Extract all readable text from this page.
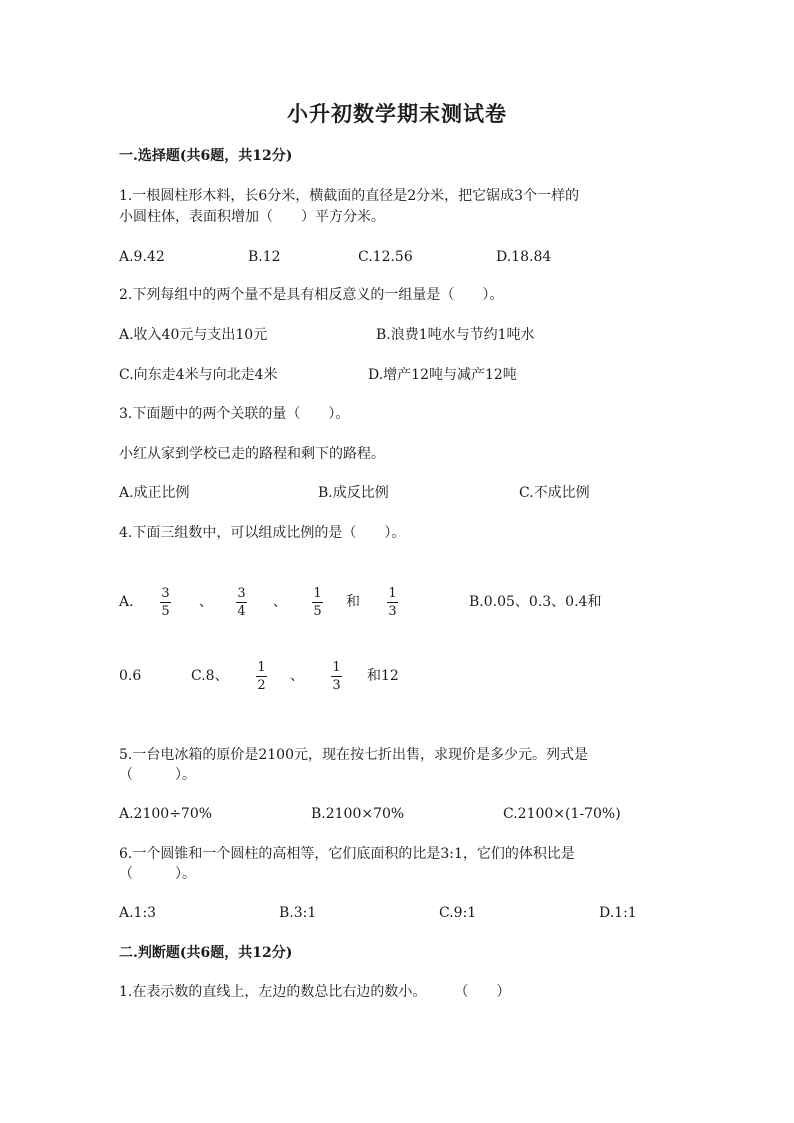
小升初数学期末测试卷
一.选择题(共6题，共12分)
1.一根圆柱形木料，长6分米，横截面的直径是2分米，把它锯成3个一样的
小圆柱体，表面积增加（　　）平方分米。
A.9.42	B.12	C.12.56	D.18.84
2.下列每组中的两个量不是具有相反意义的一组量是（　　）。
A.收入40元与支出10元	B.浪费1吨水与节约1吨水
C.向东走4米与向北走4米	D.增产12吨与减产12吨
3.下面题中的两个关联的量（　　）。
小红从家到学校已走的路程和剩下的路程。
A.成正比例	B.成反比例	C.不成比例
4.下面三组数中，可以组成比例的是（　　）。
A.
3
5
、
3
4
、
1
5
和
1
3
B.0.05、0.3、0.4和
0.6	C.8、
1
2
、
1
3
和12
5.一台电冰箱的原价是2100元，现在按七折出售，求现价是多少元。列式是
（　　　）。
A.2100÷70%	B.2100×70%	C.2100×(1-70%)
6.一个圆锥和一个圆柱的高相等，它们底面积的比是3:1，它们的体积比是
（　　　）。
A.1:3	B.3:1	C.9:1	D.1:1
二.判断题(共6题，共12分)
1.在表示数的直线上，左边的数总比右边的数小。　　　（　　）
